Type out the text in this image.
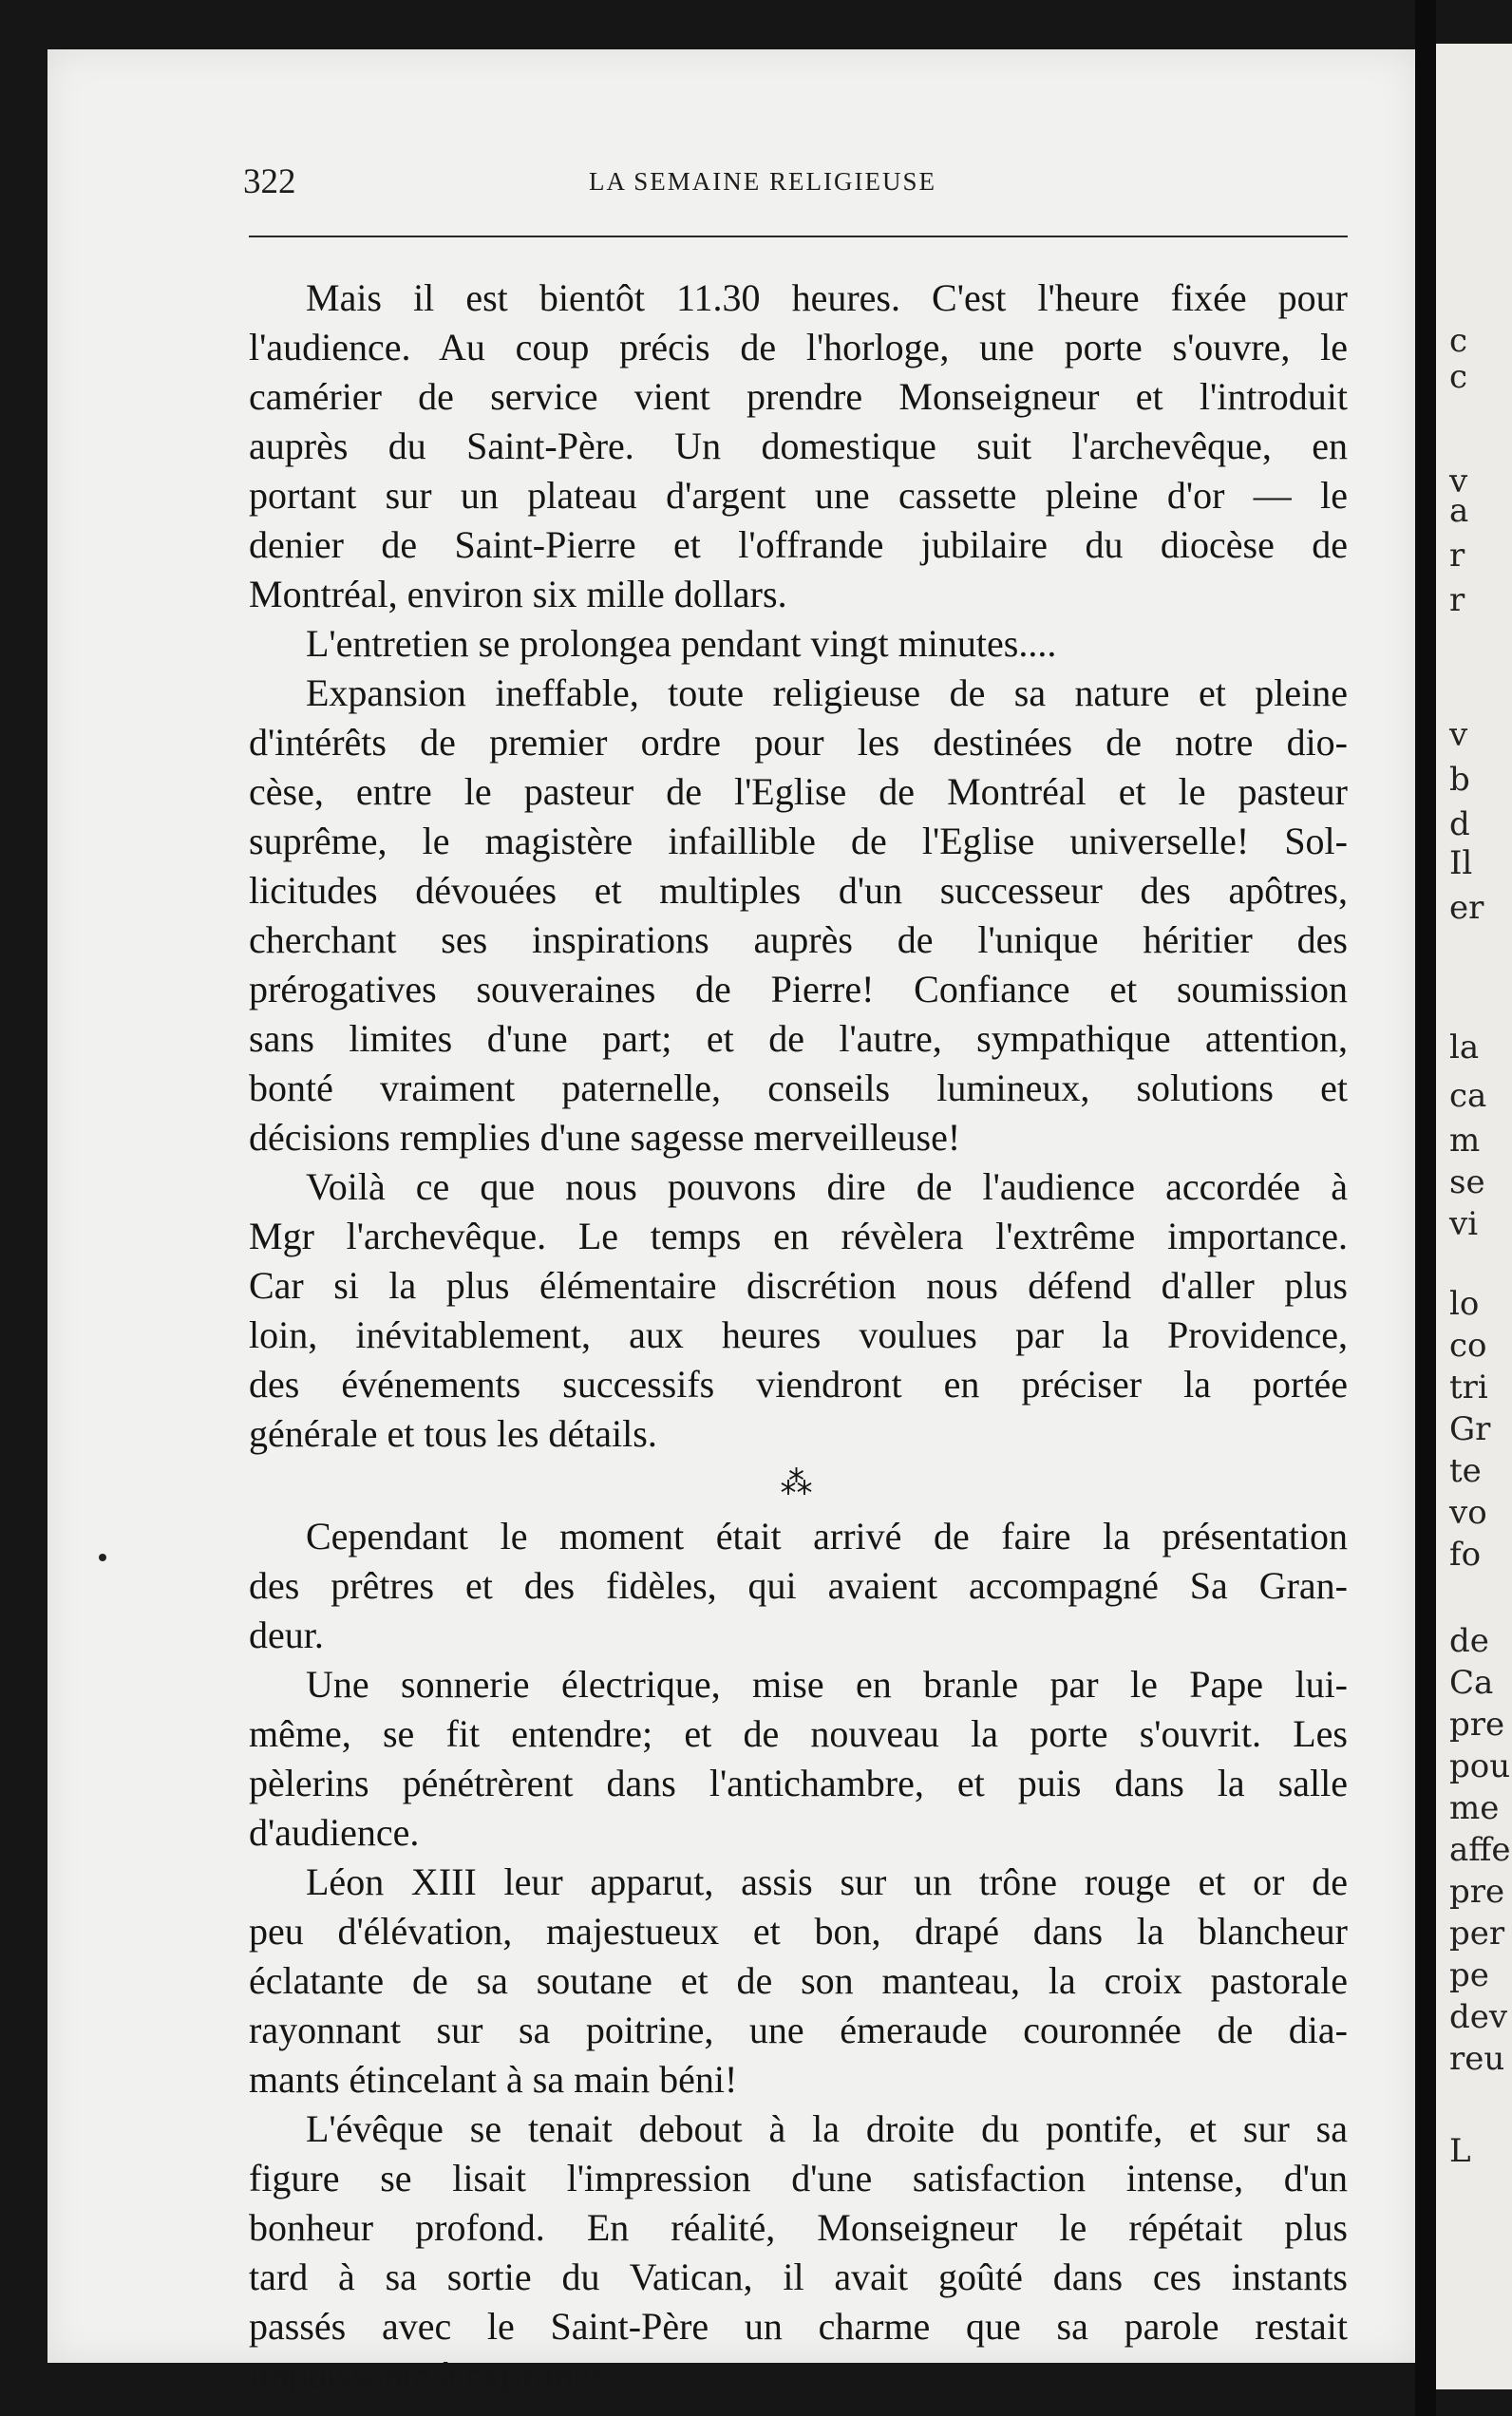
c
c
v
a
r
r
v
b
d
Il
er
la
ca
m
se
vi
lo
co
tri
Gr
te
vo
fo
de
Ca
pre
pou
me
affe
pre
per
pe
dev
reu
L
322	LA SEMAINE RELIGIEUSE

Mais il est bientôt 11.30 heures. C'est l'heure fixée pour
l'audience. Au coup précis de l'horloge, une porte s'ouvre, le
camérier de service vient prendre Monseigneur et l'introduit
auprès du Saint-Père. Un domestique suit l'archevêque, en
portant sur un plateau d'argent une cassette pleine d'or — le
denier de Saint-Pierre et l'offrande jubilaire du diocèse de
Montréal, environ six mille dollars.

L'entretien se prolongea pendant vingt minutes....

Expansion ineffable, toute religieuse de sa nature et pleine
d'intérêts de premier ordre pour les destinées de notre dio-
cèse, entre le pasteur de l'Eglise de Montréal et le pasteur
suprême, le magistère infaillible de l'Eglise universelle! Sol-
licitudes dévouées et multiples d'un successeur des apôtres,
cherchant ses inspirations auprès de l'unique héritier des
prérogatives souveraines de Pierre! Confiance et soumission
sans limites d'une part; et de l'autre, sympathique attention,
bonté vraiment paternelle, conseils lumineux, solutions et
décisions remplies d'une sagesse merveilleuse!

Voilà ce que nous pouvons dire de l'audience accordée à
Mgr l'archevêque. Le temps en révèlera l'extrême importance.
Car si la plus élémentaire discrétion nous défend d'aller plus
loin, inévitablement, aux heures voulues par la Providence,
des événements successifs viendront en préciser la portée
générale et tous les détails.

⁂

Cependant le moment était arrivé de faire la présentation
des prêtres et des fidèles, qui avaient accompagné Sa Gran-
deur.

Une sonnerie électrique, mise en branle par le Pape lui-
même, se fit entendre; et de nouveau la porte s'ouvrit. Les
pèlerins pénétrèrent dans l'antichambre, et puis dans la salle
d'audience.

Léon XIII leur apparut, assis sur un trône rouge et or de
peu d'élévation, majestueux et bon, drapé dans la blancheur
éclatante de sa soutane et de son manteau, la croix pastorale
rayonnant sur sa poitrine, une émeraude couronnée de dia-
mants étincelant à sa main béni!

L'évêque se tenait debout à la droite du pontife, et sur sa
figure se lisait l'impression d'une satisfaction intense, d'un
bonheur profond. En réalité, Monseigneur le répétait plus
tard à sa sortie du Vatican, il avait goûté dans ces instants
passés avec le Saint-Père un charme que sa parole restait
impuissante à exprimer.
